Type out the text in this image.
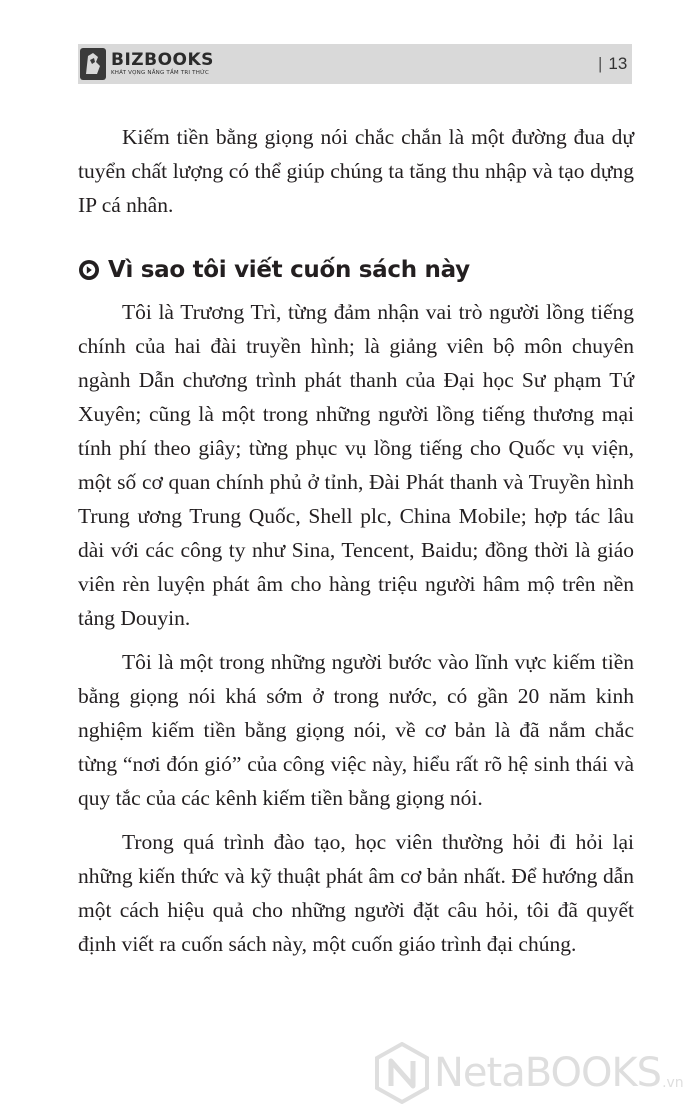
BIZBOOKS
KHÁT VỌNG NẮNG TẦM TRI THỨC	| 13

Kiếm tiền bằng giọng nói chắc chắn là một đường đua dự tuyển chất lượng có thể giúp chúng ta tăng thu nhập và tạo dựng IP cá nhân.

Vì sao tôi viết cuốn sách này

Tôi là Trương Trì, từng đảm nhận vai trò người lồng tiếng chính của hai đài truyền hình; là giảng viên bộ môn chuyên ngành Dẫn chương trình phát thanh của Đại học Sư phạm Tứ Xuyên; cũng là một trong những người lồng tiếng thương mại tính phí theo giây; từng phục vụ lồng tiếng cho Quốc vụ viện, một số cơ quan chính phủ ở tỉnh, Đài Phát thanh và Truyền hình Trung ương Trung Quốc, Shell plc, China Mobile; hợp tác lâu dài với các công ty như Sina, Tencent, Baidu; đồng thời là giáo viên rèn luyện phát âm cho hàng triệu người hâm mộ trên nền tảng Douyin.

Tôi là một trong những người bước vào lĩnh vực kiếm tiền bằng giọng nói khá sớm ở trong nước, có gần 20 năm kinh nghiệm kiếm tiền bằng giọng nói, về cơ bản là đã nắm chắc từng “nơi đón gió” của công việc này, hiểu rất rõ hệ sinh thái và quy tắc của các kênh kiếm tiền bằng giọng nói.

Trong quá trình đào tạo, học viên thường hỏi đi hỏi lại những kiến thức và kỹ thuật phát âm cơ bản nhất. Để hướng dẫn một cách hiệu quả cho những người đặt câu hỏi, tôi đã quyết định viết ra cuốn sách này, một cuốn giáo trình đại chúng.

NetaBOOKS .vn
